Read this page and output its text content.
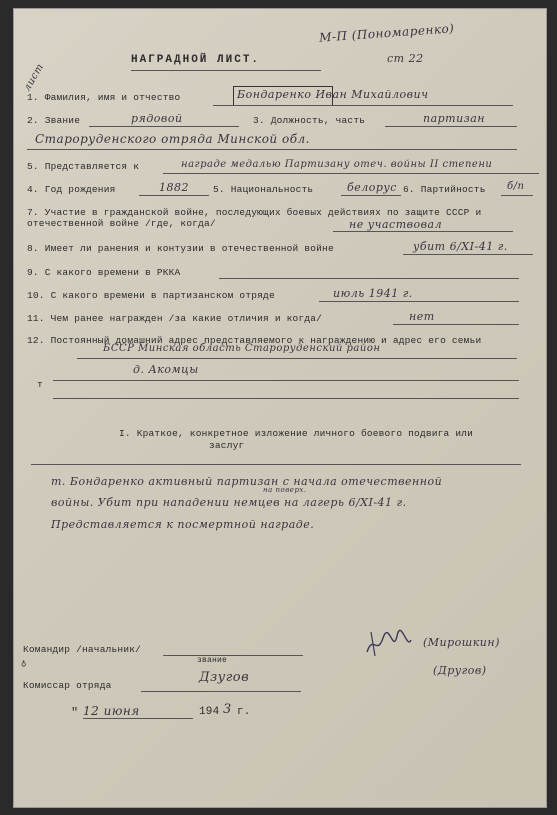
НАГРАДНОЙ ЛИСТ.
М-П (Пономаренко)
ст 22
лист
1. Фамилия, имя и отчество	Бондаренко Иван Михайлович
2. Звание	рядовой	3. Должность, часть	партизан
Староруденского отряда Минской обл.
5. Представляется к	награде медалью Партизану отеч. войны II степени
4. Год рождения	1882	5. Национальность	белорус 6. Партийность б/п
7. Участие в гражданской войне, последующих боевых действиях по защите СССР и отечественной войне /где, когда/	не участвовал
8. Имеет ли ранения и контузии в отечественной войне	убит 6/XI-41 г.
9. С какого времени в РККА
10. С какого времени в партизанском отряде	июль 1941 г.
11. Чем ранее награжден /за какие отличия и когда/	нет
12. Постоянный домашний адрес представляемого к награждению и адрес его семьи
БССР Минская область Староруденский район
д. Акомцы
т
I. Краткое, конкретное изложение личного боевого подвига или
заслуг
т. Бондаренко активный партизан с начала отечественной
на поверх.
войны. Убит при нападении немцев на лагерь 6/XI-41 г.
Представляется к посмертной награде.
Командир /начальник/
звание
(Мирошкин)
(Другов)
♁
Комиссар отряда
Дзугов
" 12 июня	194 3 г.
